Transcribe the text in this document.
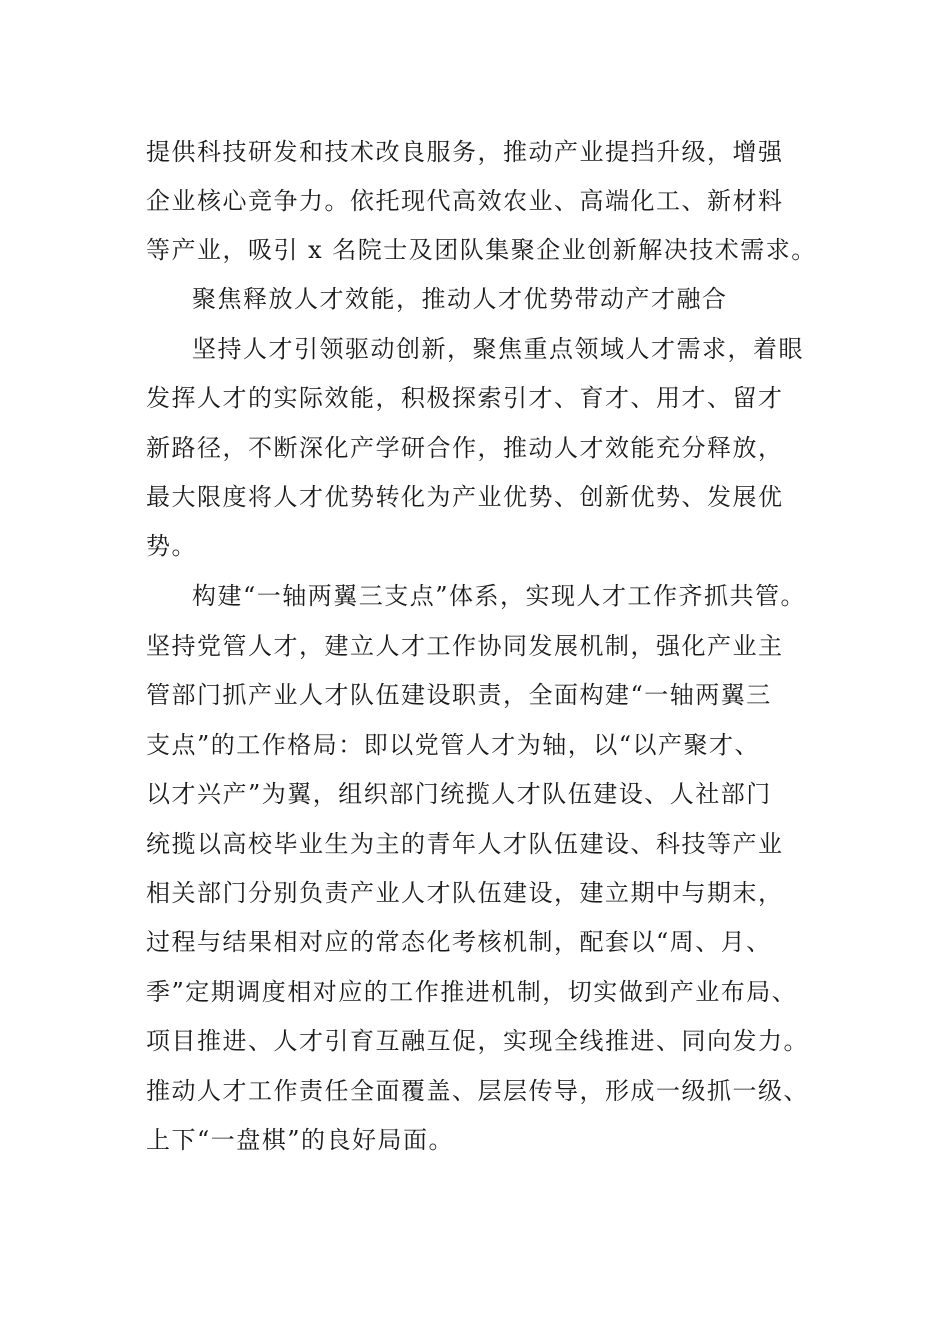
提供科技研发和技术改良服务，推动产业提挡升级，增强
企业核心竞争力。依托现代高效农业、高端化工、新材料
等产业，吸引 x 名院士及团队集聚企业创新解决技术需求。
聚焦释放人才效能，推动人才优势带动产才融合
坚持人才引领驱动创新，聚焦重点领域人才需求，着眼
发挥人才的实际效能，积极探索引才、育才、用才、留才
新路径，不断深化产学研合作，推动人才效能充分释放，
最大限度将人才优势转化为产业优势、创新优势、发展优
势。
构建“一轴两翼三支点”体系，实现人才工作齐抓共管。
坚持党管人才，建立人才工作协同发展机制，强化产业主
管部门抓产业人才队伍建设职责，全面构建“一轴两翼三
支点”的工作格局：即以党管人才为轴，以“以产聚才、
以才兴产”为翼，组织部门统揽人才队伍建设、人社部门
统揽以高校毕业生为主的青年人才队伍建设、科技等产业
相关部门分别负责产业人才队伍建设，建立期中与期末，
过程与结果相对应的常态化考核机制，配套以“周、月、
季”定期调度相对应的工作推进机制，切实做到产业布局、
项目推进、人才引育互融互促，实现全线推进、同向发力。
推动人才工作责任全面覆盖、层层传导，形成一级抓一级、
上下“一盘棋”的良好局面。
